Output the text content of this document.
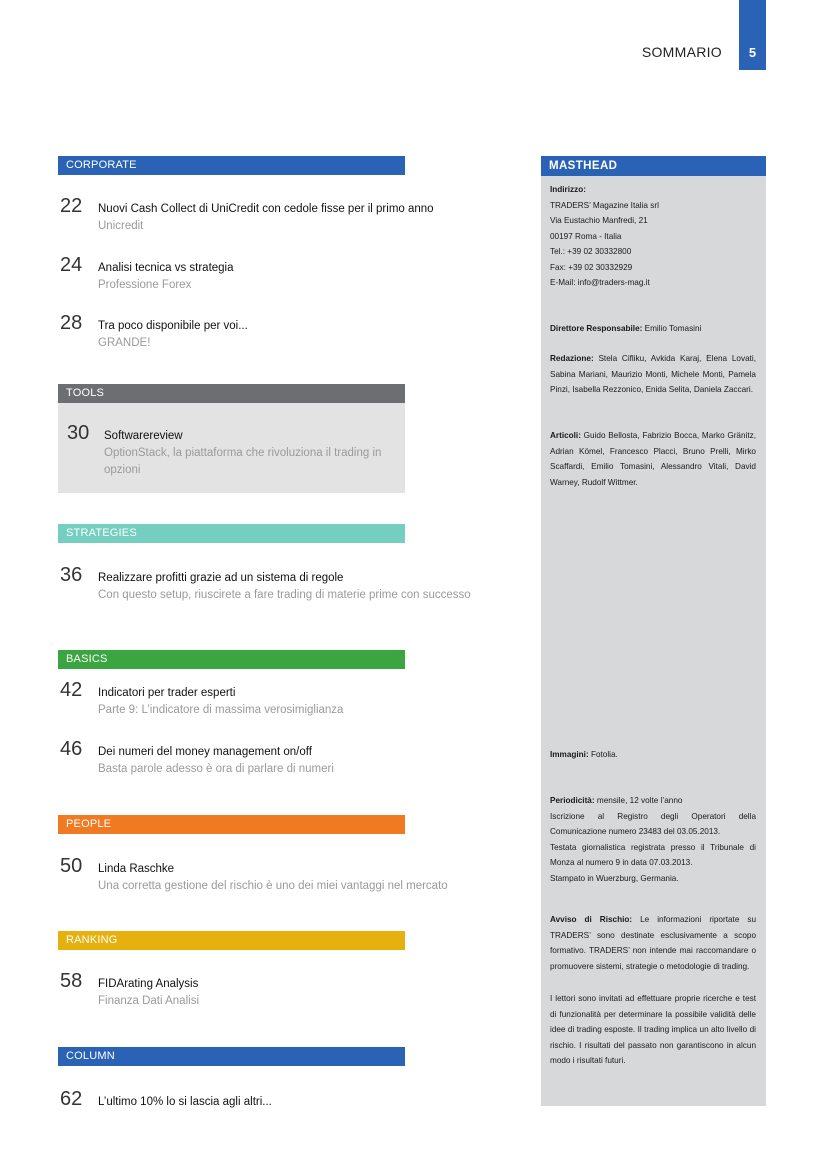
SOMMARIO	5
CORPORATE
22 Nuovi Cash Collect di UniCredit con cedole fisse per il primo anno
Unicredit
24 Analisi tecnica vs strategia
Professione Forex
28 Tra poco disponibile per voi...
GRANDE!
TOOLS
30 Softwarereview
OptionStack, la piattaforma che rivoluziona il trading in
opzioni
STRATEGIES
36 Realizzare profitti grazie ad un sistema di regole
Con questo setup, riuscirete a fare trading di materie prime con successo
BASICS
42 Indicatori per trader esperti
Parte 9: L’indicatore di massima verosimiglianza
46 Dei numeri del money management on/off
Basta parole adesso è ora di parlare di numeri
PEOPLE
50 Linda Raschke
Una corretta gestione del rischio è uno dei miei vantaggi nel mercato
RANKING
58 FIDArating Analysis
Finanza Dati Analisi
COLUMN
62 L’ultimo 10% lo si lascia agli altri...
MASTHEAD
Indirizzo:
TRADERS’ Magazine Italia srl
Via Eustachio Manfredi, 21
00197 Roma - Italia
Tel.: +39 02 30332800
Fax: +39 02 30332929
E-Mail: info@traders-mag.it
Direttore Responsabile: Emilio Tomasini
Redazione: Stela Cifliku, Avkida Karaj, Elena Lovati, Sabina Mariani, Maurizio Monti, Michele Monti, Pamela Pinzi, Isabella Rezzonico, Enida Selita, Daniela Zaccari.
Articoli: Guido Bellosta, Fabrizio Bocca, Marko Gränitz, Adrian Kömel, Francesco Placci, Bruno Prelli, Mirko Scaffardi, Emilio Tomasini, Alessandro Vitali, David Warney, Rudolf Wittmer.
Immagini: Fotolia.
Periodicità: mensile, 12 volte l’anno
Iscrizione al Registro degli Operatori della Comunicazione numero 23483 del 03.05.2013.
Testata giornalistica registrata presso il Tribunale di Monza al numero 9 in data 07.03.2013.
Stampato in Wuerzburg, Germania.
Avviso di Rischio: Le informazioni riportate su TRADERS’ sono destinate esclusivamente a scopo formativo. TRADERS’ non intende mai raccomandare o promuovere sistemi, strategie o metodologie di trading.
I lettori sono invitati ad effettuare proprie ricerche e test di funzionalità per determinare la possibile validità delle idee di trading esposte. Il trading implica un alto livello di rischio. I risultati del passato non garantiscono in alcun modo i risultati futuri.
